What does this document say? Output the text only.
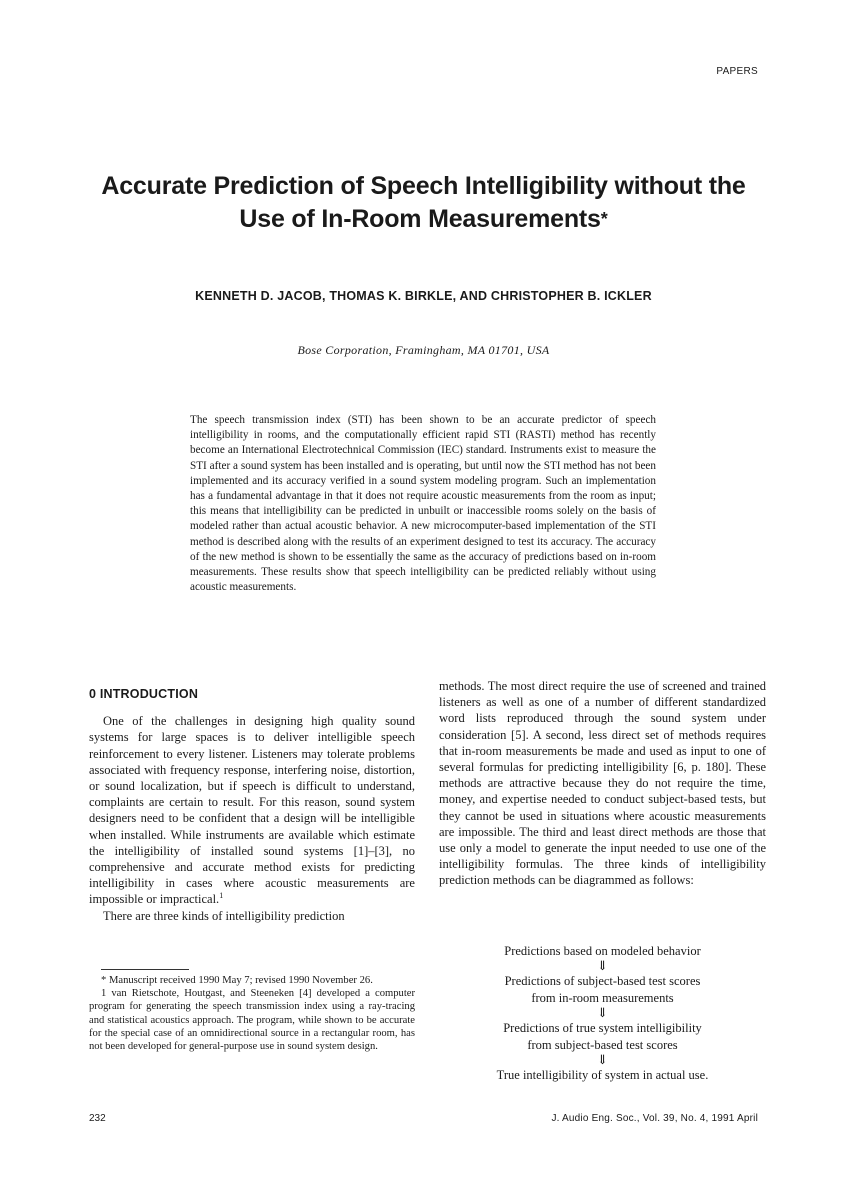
PAPERS
Accurate Prediction of Speech Intelligibility without the
Use of In-Room Measurements*
KENNETH D. JACOB, THOMAS K. BIRKLE, AND CHRISTOPHER B. ICKLER
Bose Corporation, Framingham, MA 01701, USA
The speech transmission index (STI) has been shown to be an accurate predictor of speech intelligibility in rooms, and the computationally efficient rapid STI (RASTI) method has recently become an International Electrotechnical Commission (IEC) standard. Instruments exist to measure the STI after a sound system has been installed and is operating, but until now the STI method has not been implemented and its accuracy verified in a sound system modeling program. Such an implementation has a fundamental advantage in that it does not require acoustic measurements from the room as input; this means that intelligibility can be predicted in unbuilt or inaccessible rooms solely on the basis of modeled rather than actual acoustic behavior. A new microcomputer-based implementation of the STI method is described along with the results of an experiment designed to test its accuracy. The accuracy of the new method is shown to be essentially the same as the accuracy of predictions based on in-room measurements. These results show that speech intelligibility can be predicted reliably without using acoustic measurements.
0 INTRODUCTION

One of the challenges in designing high quality sound systems for large spaces is to deliver intelligible speech reinforcement to every listener. Listeners may tolerate problems associated with frequency response, interfering noise, distortion, or sound localization, but if speech is difficult to understand, complaints are certain to result. For this reason, sound system designers need to be confident that a design will be intelligible when installed. While instruments are available which estimate the intelligibility of installed sound systems [1]–[3], no comprehensive and accurate method exists for predicting intelligibility in cases where acoustic measurements are impossible or impractical.$^1$

There are three kinds of intelligibility prediction

methods. The most direct require the use of screened and trained listeners as well as one of a number of different standardized word lists reproduced through the sound system under consideration [5]. A second, less direct set of methods requires that in-room measurements be made and used as input to one of several formulas for predicting intelligibility [6, p. 180]. These methods are attractive because they do not require the time, money, and expertise needed to conduct subject-based tests, but they cannot be used in situations where acoustic measurements are impossible. The third and least direct methods are those that use only a model to generate the input needed to use one of the intelligibility formulas. The three kinds of intelligibility prediction methods can be diagrammed as follows:

Predictions based on modeled behavior
⇓
Predictions of subject-based test scores
from in-room measurements
⇓
Predictions of true system intelligibility
from subject-based test scores
⇓
True intelligibility of system in actual use.

* Manuscript received 1990 May 7; revised 1990 November 26.

1 van Rietschote, Houtgast, and Steeneken [4] developed a computer program for generating the speech transmission index using a ray-tracing and statistical acoustics approach. The program, while shown to be accurate for the special case of an omnidirectional source in a rectangular room, has not been developed for general-purpose use in sound system design.

232	J. Audio Eng. Soc., Vol. 39, No. 4, 1991 April
